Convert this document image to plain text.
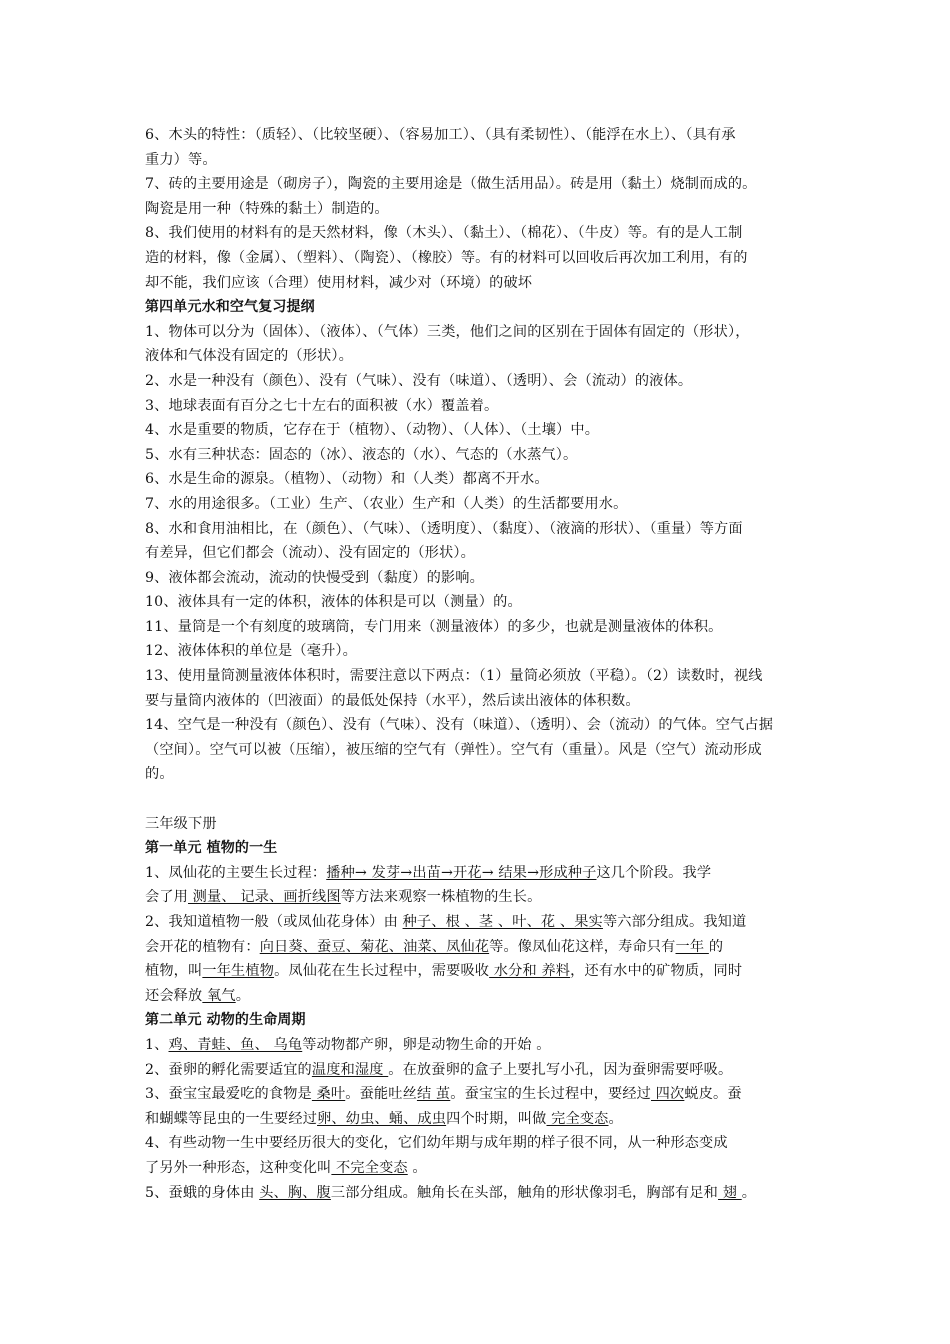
6、木头的特性：（质轻）、（比较坚硬）、（容易加工）、（具有柔韧性）、（能浮在水上）、（具有承
重力）等。
7、砖的主要用途是（砌房子），陶瓷的主要用途是（做生活用品）。砖是用（黏土）烧制而成的。
陶瓷是用一种（特殊的黏土）制造的。
8、我们使用的材料有的是天然材料，像（木头）、（黏土）、（棉花）、（牛皮）等。有的是人工制
造的材料，像（金属）、（塑料）、（陶瓷）、（橡胶）等。有的材料可以回收后再次加工利用，有的
却不能，我们应该（合理）使用材料，减少对（环境）的破坏
第四单元水和空气复习提纲
1、物体可以分为（固体）、（液体）、（气体）三类，他们之间的区别在于固体有固定的（形状），
液体和气体没有固定的（形状）。
2、水是一种没有（颜色）、没有（气味）、没有（味道）、（透明）、会（流动）的液体。
3、地球表面有百分之七十左右的面积被（水）覆盖着。
4、水是重要的物质，它存在于（植物）、（动物）、（人体）、（土壤）中。
5、水有三种状态：固态的（冰）、液态的（水）、气态的（水蒸气）。
6、水是生命的源泉。（植物）、（动物）和（人类）都离不开水。
7、水的用途很多。（工业）生产、（农业）生产和（人类）的生活都要用水。
8、水和食用油相比，在（颜色）、（气味）、（透明度）、（黏度）、（液滴的形状）、（重量）等方面
有差异，但它们都会（流动）、没有固定的（形状）。
9、液体都会流动，流动的快慢受到（黏度）的影响。
10、液体具有一定的体积，液体的体积是可以（测量）的。
11、量筒是一个有刻度的玻璃筒，专门用来（测量液体）的多少，也就是测量液体的体积。
12、液体体积的单位是（毫升）。
13、使用量筒测量液体体积时，需要注意以下两点：（1）量筒必须放（平稳）。（2）读数时，视线
要与量筒内液体的（凹液面）的最低处保持（水平），然后读出液体的体积数。
14、空气是一种没有（颜色）、没有（气味）、没有（味道）、（透明）、会（流动）的气体。空气占据
（空间）。空气可以被（压缩），被压缩的空气有（弹性）。空气有（重量）。风是（空气）流动形成
的。
三年级下册
第一单元 植物的一生
1、凤仙花的主要生长过程：播种→ 发芽→出苗→开花→ 结果→形成种子这几个阶段。我学
会了用 测量、 记录、画折线图等方法来观察一株植物的生长。
2、我知道植物一般（或凤仙花身体）由 种子、根 、茎 、叶、花 、果实等六部分组成。我知道
会开花的植物有：向日葵、蚕豆、菊花、油菜、凤仙花等。像凤仙花这样，寿命只有一年 的
植物，叫一年生植物。凤仙花在生长过程中，需要吸收 水分和 养料，还有水中的矿物质，同时
还会释放 氧气。
第二单元 动物的生命周期
1、鸡、青蛙、鱼、 乌龟等动物都产卵，卵是动物生命的开始 。
2、蚕卵的孵化需要适宜的温度和湿度 。在放蚕卵的盒子上要扎写小孔，因为蚕卵需要呼吸。
3、蚕宝宝最爱吃的食物是 桑叶。蚕能吐丝结 茧。蚕宝宝的生长过程中，要经过 四次蜕皮。蚕
和蝴蝶等昆虫的一生要经过卵、幼虫、蛹、成虫四个时期，叫做 完全变态。
4、有些动物一生中要经历很大的变化，它们幼年期与成年期的样子很不同，从一种形态变成
了另外一种形态，这种变化叫 不完全变态 。
5、蚕蛾的身体由 头、胸、腹三部分组成。触角长在头部，触角的形状像羽毛，胸部有足和 翅 。
